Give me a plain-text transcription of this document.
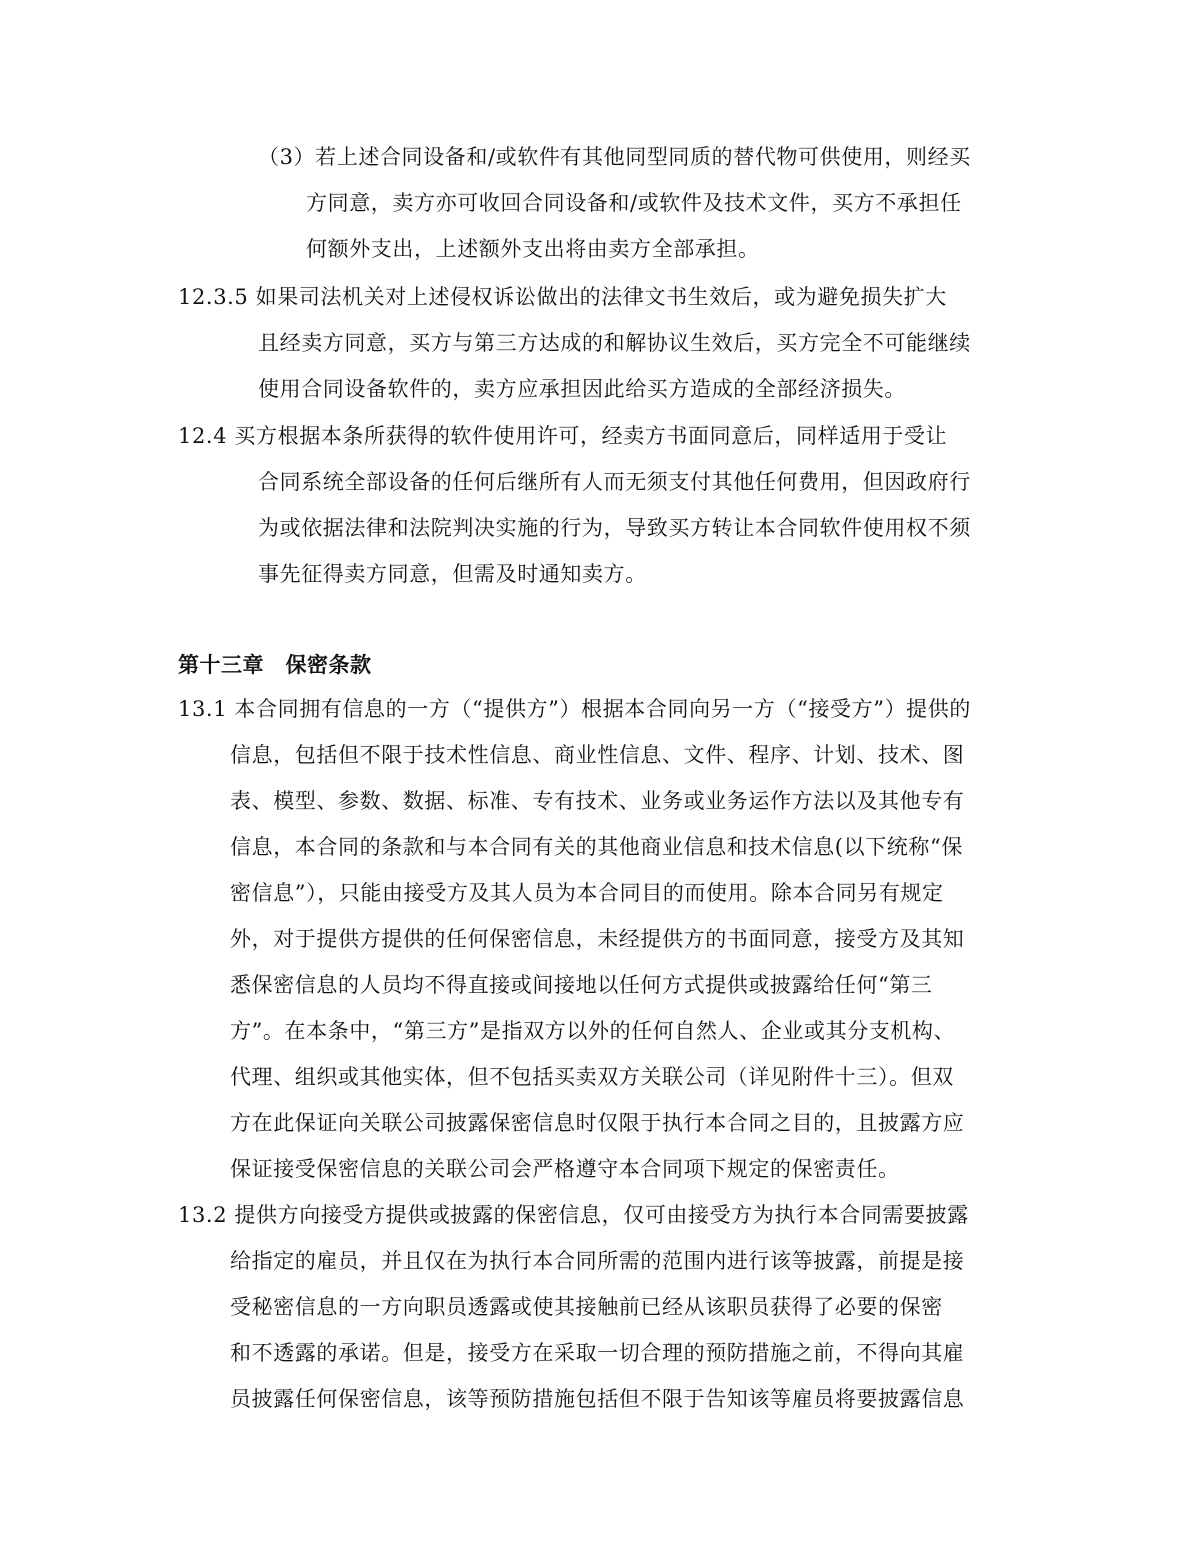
（3）若上述合同设备和/或软件有其他同型同质的替代物可供使用，则经买
方同意，卖方亦可收回合同设备和/或软件及技术文件，买方不承担任
何额外支出，上述额外支出将由卖方全部承担。
12.3.5 如果司法机关对上述侵权诉讼做出的法律文书生效后，或为避免损失扩大
且经卖方同意，买方与第三方达成的和解协议生效后，买方完全不可能继续
使用合同设备软件的，卖方应承担因此给买方造成的全部经济损失。
12.4 买方根据本条所获得的软件使用许可，经卖方书面同意后，同样适用于受让
合同系统全部设备的任何后继所有人而无须支付其他任何费用，但因政府行
为或依据法律和法院判决实施的行为，导致买方转让本合同软件使用权不须
事先征得卖方同意，但需及时通知卖方。
第十三章　保密条款
13.1 本合同拥有信息的一方（“提供方”）根据本合同向另一方（“接受方”）提供的
信息，包括但不限于技术性信息、商业性信息、文件、程序、计划、技术、图
表、模型、参数、数据、标准、专有技术、业务或业务运作方法以及其他专有
信息，本合同的条款和与本合同有关的其他商业信息和技术信息(以下统称“保
密信息”），只能由接受方及其人员为本合同目的而使用。除本合同另有规定
外，对于提供方提供的任何保密信息，未经提供方的书面同意，接受方及其知
悉保密信息的人员均不得直接或间接地以任何方式提供或披露给任何“第三
方”。在本条中，“第三方”是指双方以外的任何自然人、企业或其分支机构、
代理、组织或其他实体，但不包括买卖双方关联公司（详见附件十三）。但双
方在此保证向关联公司披露保密信息时仅限于执行本合同之目的，且披露方应
保证接受保密信息的关联公司会严格遵守本合同项下规定的保密责任。
13.2 提供方向接受方提供或披露的保密信息，仅可由接受方为执行本合同需要披露
给指定的雇员，并且仅在为执行本合同所需的范围内进行该等披露，前提是接
受秘密信息的一方向职员透露或使其接触前已经从该职员获得了必要的保密
和不透露的承诺。但是，接受方在采取一切合理的预防措施之前，不得向其雇
员披露任何保密信息，该等预防措施包括但不限于告知该等雇员将要披露信息
